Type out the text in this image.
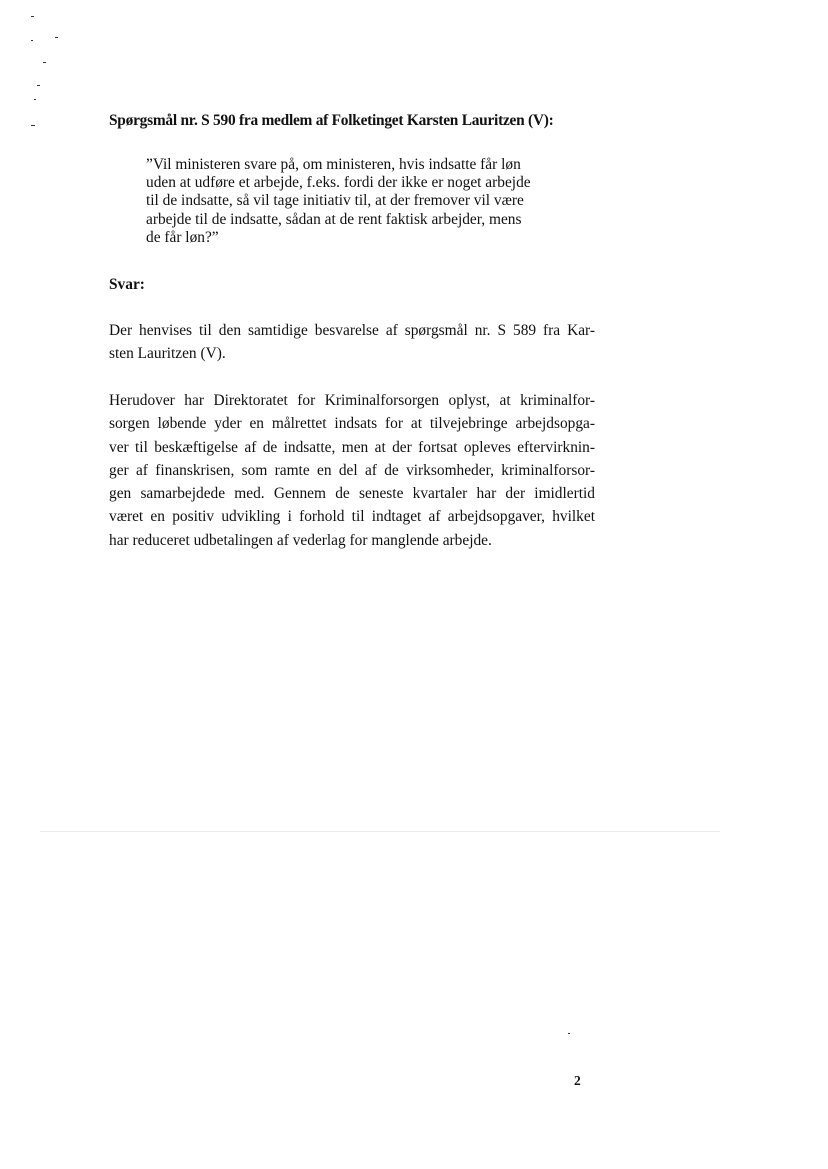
Spørgsmål nr. S 590 fra medlem af Folketinget Karsten Lauritzen (V):
”Vil ministeren svare på, om ministeren, hvis indsatte får løn
uden at udføre et arbejde, f.eks. fordi der ikke er noget arbejde
til de indsatte, så vil tage initiativ til, at der fremover vil være
arbejde til de indsatte, sådan at de rent faktisk arbejder, mens
de får løn?”
Svar:
Der henvises til den samtidige besvarelse af spørgsmål nr. S 589 fra Kar-
sten Lauritzen (V).
Herudover har Direktoratet for Kriminalforsorgen oplyst, at kriminalfor-
sorgen løbende yder en målrettet indsats for at tilvejebringe arbejdsopga-
ver til beskæftigelse af de indsatte, men at der fortsat opleves eftervirknin-
ger af finanskrisen, som ramte en del af de virksomheder, kriminalforsor-
gen samarbejdede med. Gennem de seneste kvartaler har der imidlertid
været en positiv udvikling i forhold til indtaget af arbejdsopgaver, hvilket
har reduceret udbetalingen af vederlag for manglende arbejde.
2
